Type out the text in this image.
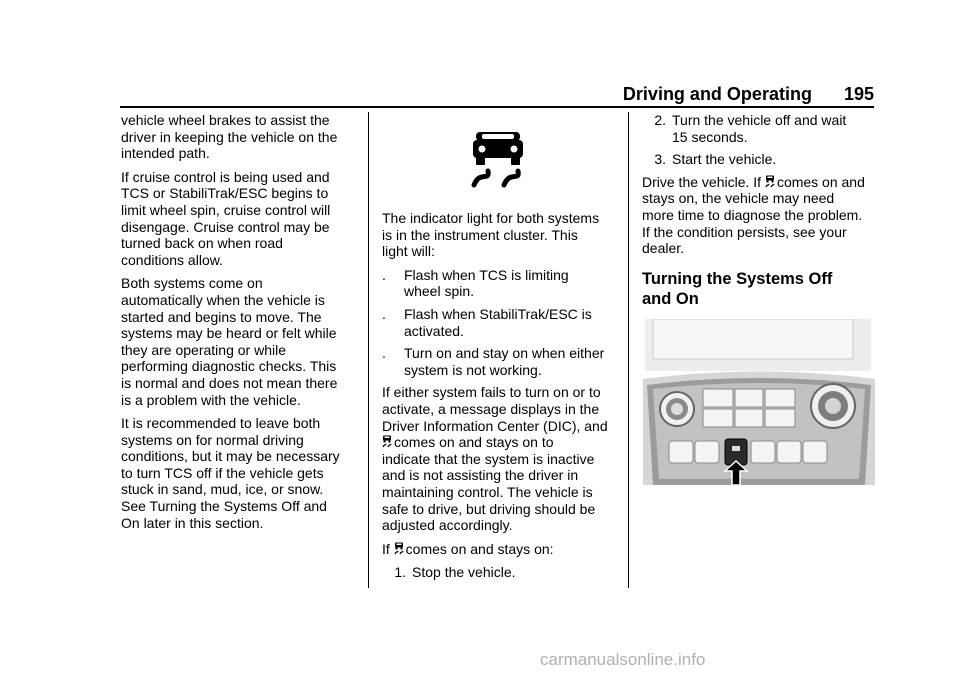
Driving and Operating 195

vehicle wheel brakes to assist the
driver in keeping the vehicle on the
intended path.

If cruise control is being used and
TCS or StabiliTrak/ESC begins to
limit wheel spin, cruise control will
disengage. Cruise control may be
turned back on when road
conditions allow.

Both systems come on
automatically when the vehicle is
started and begins to move. The
systems may be heard or felt while
they are operating or while
performing diagnostic checks. This
is normal and does not mean there
is a problem with the vehicle.

It is recommended to leave both
systems on for normal driving
conditions, but it may be necessary
to turn TCS off if the vehicle gets
stuck in sand, mud, ice, or snow.
See Turning the Systems Off and
On later in this section.

The indicator light for both systems
is in the instrument cluster. This
light will:

.	Flash when TCS is limiting
wheel spin.
.	Flash when StabiliTrak/ESC is
activated.
.	Turn on and stay on when either
system is not working.

If either system fails to turn on or to
activate, a message displays in the
Driver Information Center (DIC), and
comes on and stays on to
indicate that the system is inactive
and is not assisting the driver in
maintaining control. The vehicle is
safe to drive, but driving should be
adjusted accordingly.

If comes on and stays on:

1. Stop the vehicle.
2. Turn the vehicle off and wait
15 seconds.
3. Start the vehicle.

Drive the vehicle. If comes on and
stays on, the vehicle may need
more time to diagnose the problem.
If the condition persists, see your
dealer.

Turning the Systems Off
and On
carmanualsonline.info
